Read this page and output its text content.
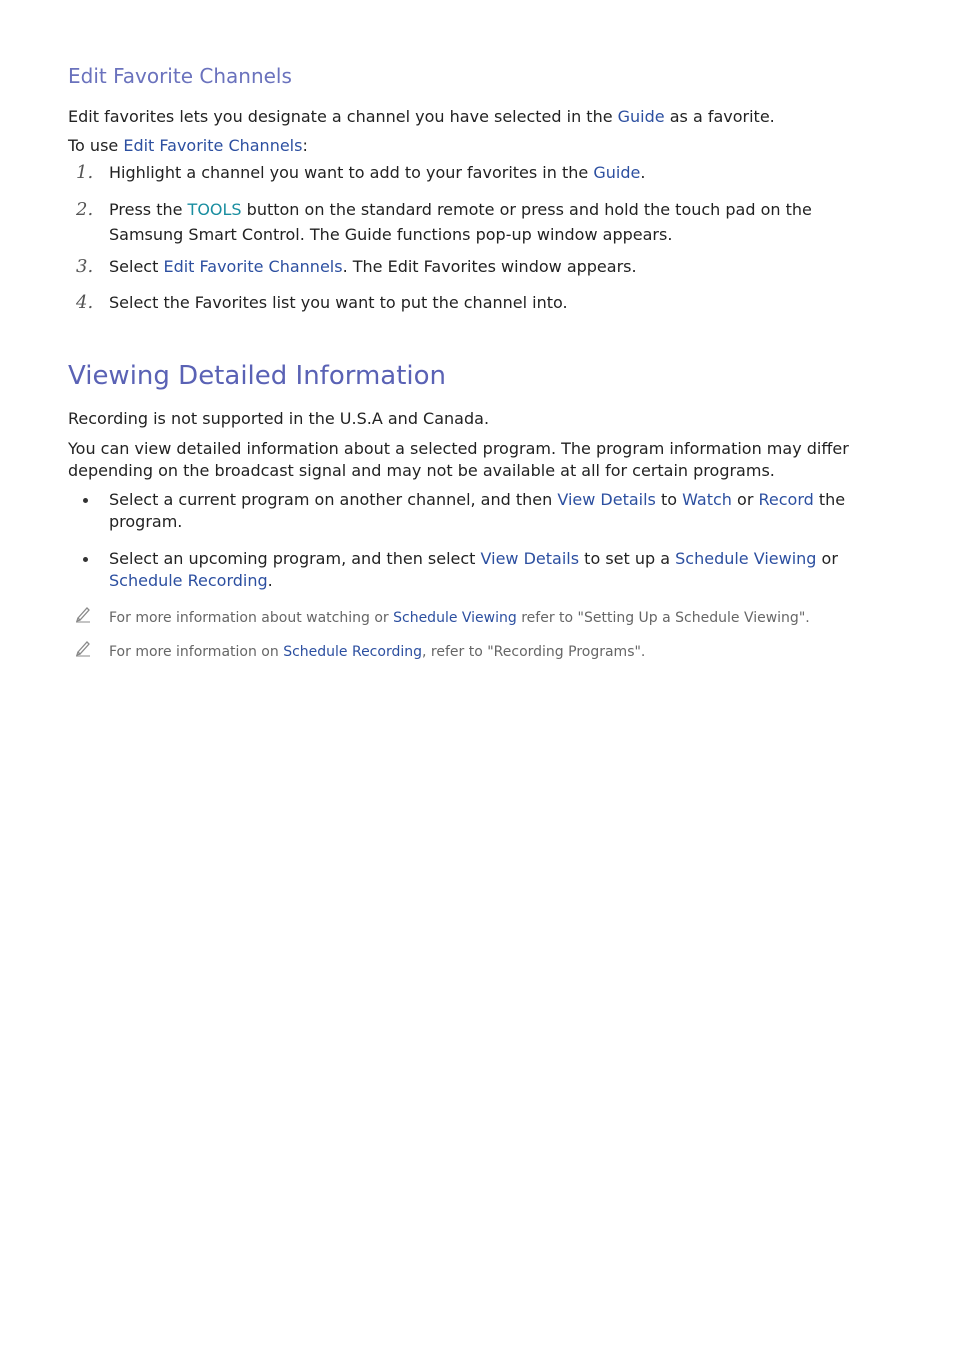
Edit Favorite Channels

Edit favorites lets you designate a channel you have selected in the Guide as a favorite.

To use Edit Favorite Channels:

1. Highlight a channel you want to add to your favorites in the Guide.
2. Press the TOOLS button on the standard remote or press and hold the touch pad on the Samsung Smart Control. The Guide functions pop-up window appears.
3. Select Edit Favorite Channels. The Edit Favorites window appears.
4. Select the Favorites list you want to put the channel into.
Viewing Detailed Information

Recording is not supported in the U.S.A and Canada.

You can view detailed information about a selected program. The program information may differ depending on the broadcast signal and may not be available at all for certain programs.

Select a current program on another channel, and then View Details to Watch or Record the program.
Select an upcoming program, and then select View Details to set up a Schedule Viewing or Schedule Recording.
For more information about watching or Schedule Viewing refer to "Setting Up a Schedule Viewing".
For more information on Schedule Recording, refer to "Recording Programs".
